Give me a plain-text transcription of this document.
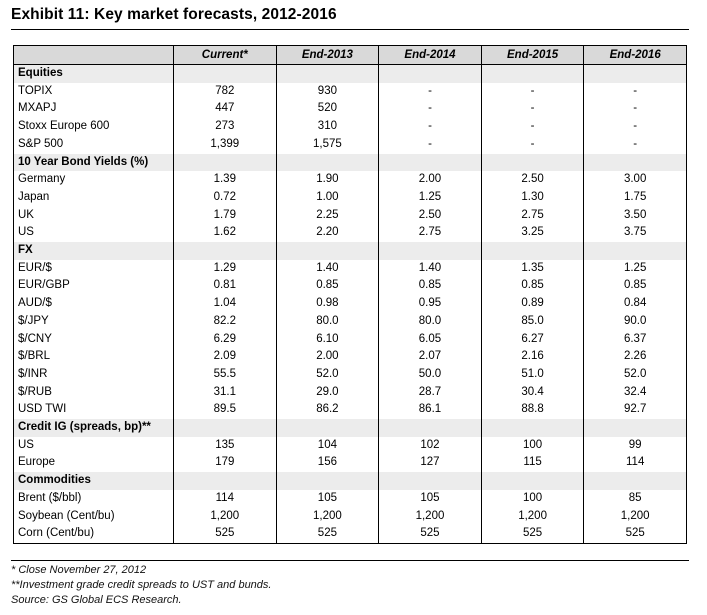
Exhibit 11: Key market forecasts, 2012-2016
	Current*	End-2013	End-2014	End-2015	End-2016
Equities					
TOPIX	782	930	-	-	-
MXAPJ	447	520	-	-	-
Stoxx Europe 600	273	310	-	-	-
S&P 500	1,399	1,575	-	-	-
10 Year Bond Yields (%)					
Germany	1.39	1.90	2.00	2.50	3.00
Japan	0.72	1.00	1.25	1.30	1.75
UK	1.79	2.25	2.50	2.75	3.50
US	1.62	2.20	2.75	3.25	3.75
FX					
EUR/$	1.29	1.40	1.40	1.35	1.25
EUR/GBP	0.81	0.85	0.85	0.85	0.85
AUD/$	1.04	0.98	0.95	0.89	0.84
$/JPY	82.2	80.0	80.0	85.0	90.0
$/CNY	6.29	6.10	6.05	6.27	6.37
$/BRL	2.09	2.00	2.07	2.16	2.26
$/INR	55.5	52.0	50.0	51.0	52.0
$/RUB	31.1	29.0	28.7	30.4	32.4
USD TWI	89.5	86.2	86.1	88.8	92.7
Credit IG (spreads, bp)**					
US	135	104	102	100	99
Europe	179	156	127	115	114
Commodities					
Brent ($/bbl)	114	105	105	100	85
Soybean (Cent/bu)	1,200	1,200	1,200	1,200	1,200
Corn (Cent/bu)	525	525	525	525	525
* Close November 27, 2012
**Investment grade credit spreads to UST and bunds.
Source: GS Global ECS Research.
